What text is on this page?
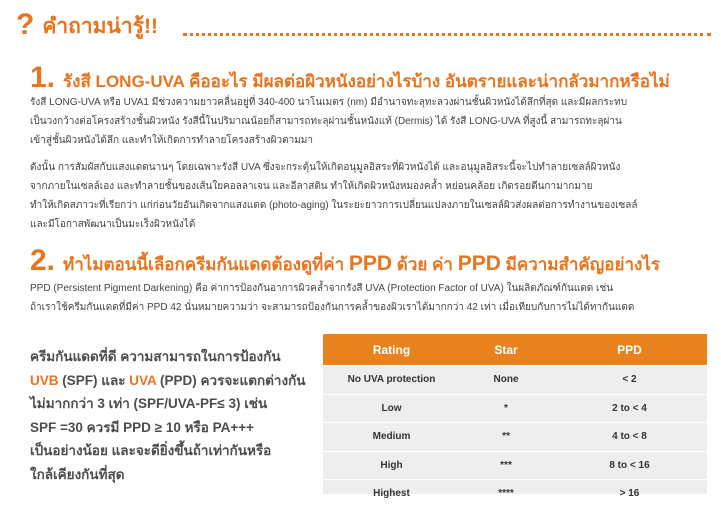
? คำถามน่ารู้!!
1. รังสี LONG-UVA คืออะไร มีผลต่อผิวหนังอย่างไรบ้าง อันตรายและน่ากลัวมากหรือไม่

รังสี LONG-UVA หรือ UVA1 มีช่วงความยาวคลื่นอยู่ที่ 340-400 นาโนเมตร (nm) มีอำนาจทะลุทะลวงผ่านชั้นผิวหนังได้ลึกที่สุด และมีผลกระทบ

เป็นวงกว้างต่อโครงสร้างชั้นผิวหนัง รังสีนี้ในปริมาณน้อยก็สามารถทะลุผ่านชั้นหนังแท้ (Dermis) ได้ รังสี LONG-UVA ที่สูงนี้ สามารถทะลุผ่าน

เข้าสู่ชั้นผิวหนังได้ลึก และทำให้เกิดการทำลายโครงสร้างผิวตามมา

ดังนั้น การสัมผัสกับแสงแดดนานๆ โดยเฉพาะรังสี UVA ซึ่งจะกระตุ้นให้เกิดอนุมูลอิสระที่ผิวหนังได้ และอนุมูลอิสระนี้จะไปทำลายเซลล์ผิวหนัง

จากภายในเซลล์เอง และทำลายชั้นของเส้นใยคอลลาเจน และอีลาสติน ทำให้เกิดผิวหนังหมองคล้ำ หย่อนคล้อย เกิดรอยตีนกามากมาย

ทำให้เกิดสภาวะที่เรียกว่า แก่ก่อนวัยอันเกิดจากแสงแดด (photo-aging) ในระยะยาวการเปลี่ยนแปลงภายในเซลล์ผิวส่งผลต่อการทำงานของเซลล์

และมีโอกาสพัฒนาเป็นมะเร็งผิวหนังได้

2. ทำไมตอนนี้เลือกครีมกันแดดต้องดูที่ค่า PPD ด้วย ค่า PPD มีความสำคัญอย่างไร

PPD (Persistent Pigment Darkening) คือ ค่าการป้องกันอาการผิวคล้ำจากรังสี UVA (Protection Factor of UVA) ในผลิตภัณฑ์กันแดด เช่น

ถ้าเราใช้ครีมกันแดดที่มีค่า PPD 42 นั่นหมายความว่า จะสามารถป้องกันการคล้ำของผิวเราได้มากกว่า 42 เท่า เมื่อเทียบกับการไม่ได้ทากันแดด

ครีมกันแดดที่ดี ความสามารถในการป้องกัน
UVB (SPF) และ UVA (PPD) ควรจะแตกต่างกัน
ไม่มากกว่า 3 เท่า (SPF/UVA-PF≤ 3) เช่น
SPF =30 ควรมี PPD ≥ 10 หรือ PA+++
เป็นอย่างน้อย และจะดียิ่งขึ้นถ้าเท่ากันหรือ
ใกล้เคียงกันที่สุด
Rating	Star	PPD
No UVA protection	None	< 2
Low	*	2 to < 4
Medium	**	4 to < 8
High	***	8 to < 16
Highest	****	> 16
